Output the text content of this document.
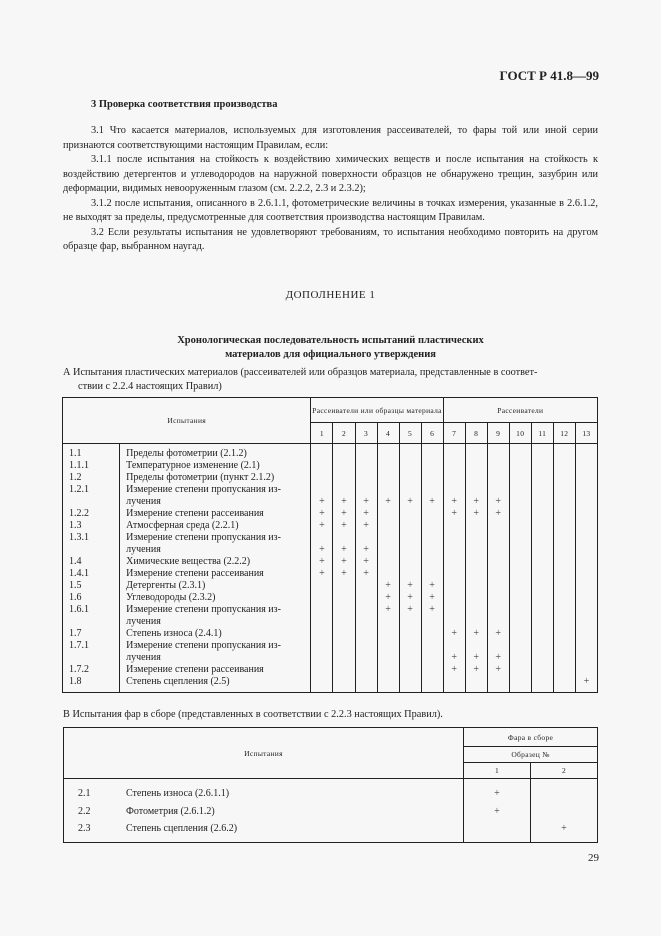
ГОСТ Р 41.8—99
3 Проверка соответствия производства

3.1 Что касается материалов, используемых для изготовления рассеивателей, то фары той или иной серии признаются соответствующими настоящим Правилам, если:

3.1.1 после испытания на стойкость к воздействию химических веществ и после испытания на стойкость к воздействию детергентов и углеводородов на наружной поверхности образцов не обнаружено трещин, зазубрин или деформации, видимых невооруженным глазом (см. 2.2.2, 2.3 и 2.3.2);

3.1.2 после испытания, описанного в 2.6.1.1, фотометрические величины в точках измерения, указанные в 2.6.1.2, не выходят за пределы, предусмотренные для соответствия производства настоящим Правилам.

3.2 Если результаты испытания не удовлетворяют требованиям, то испытания необходимо повторить на другом образце фар, выбранном наугад.

ДОПОЛНЕНИЕ 1
Хронологическая последовательность испытаний пластических
материалов для официального утверждения
А Испытания пластических материалов (рассеивателей или образцов материала, представленные в соответ-
ствии с 2.2.4 настоящих Правил)
Испытания		Рассеиватели или образцы материала						Рассеиватели						
		1	2	3	4	5	6	7	8	9	10	11	12	13
1.1	Пределы фотометрии (2.1.2)													

1.1.1	Температурное изменение (2.1)													

1.2	Пределы фотометрии (пункт 2.1.2)													

1.2.1	Измерение степени пропускания из-
лучения	+	+	+	+	+	+	+	+	+				

1.2.2	Измерение степени рассеивания	+	+	+				+	+	+				

1.3	Атмосферная среда (2.2.1)	+	+	+										

1.3.1	Измерение степени пропускания из-
лучения	+	+	+										

1.4	Химические вещества (2.2.2)	+	+	+										

1.4.1	Измерение степени рассеивания	+	+	+										

1.5	Детергенты (2.3.1)				+	+	+							

1.6	Углеводороды (2.3.2)				+	+	+							

1.6.1	Измерение степени пропускания из-
лучения				+	+	+							

1.7	Степень износа (2.4.1)							+	+	+				

1.7.1	Измерение степени пропускания из-
лучения							+	+	+				

1.7.2	Измерение степени рассеивания							+	+	+				

1.8	Степень сцепления (2.5)													+
В Испытания фар в сборе (представленных в соответствии с 2.2.3 настоящих Правил).
Испытания		Фара в сборе	
		Образец №	
		1	2
2.1	Степень износа (2.6.1.1)	+	
2.2	Фотометрия (2.6.1.2)	+	
2.3	Степень сцепления (2.6.2)		+
29
